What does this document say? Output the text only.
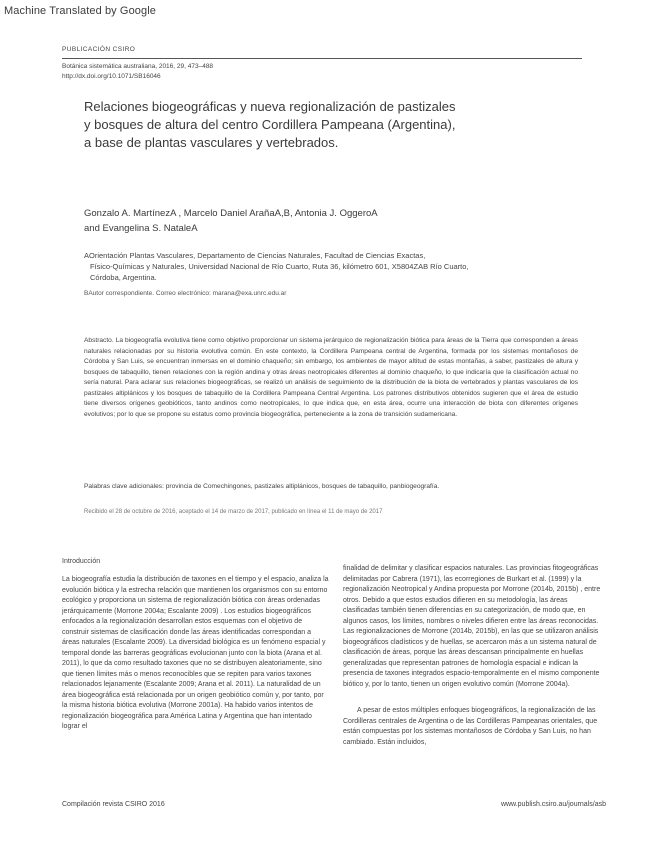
Machine Translated by Google
PUBLICACIÓN CSIRO
Botánica sistemática australiana, 2016, 29, 473–488 http://dx.doi.org/10.1071/SB16046
Relaciones biogeográficas y nueva regionalización de pastizales y bosques de altura del centro Cordillera Pampeana (Argentina), a base de plantas vasculares y vertebrados.
Gonzalo A. MartínezA , Marcelo Daniel ArañaA,B, Antonia J. OggeroA
and Evangelina S. NataleA
AOrientación Plantas Vasculares, Departamento de Ciencias Naturales, Facultad de Ciencias Exactas,
Físico-Químicas y Naturales, Universidad Nacional de Río Cuarto, Ruta 36, kilómetro 601, X5804ZAB Río Cuarto,
Córdoba, Argentina.
BAutor correspondiente. Correo electrónico: marana@exa.unrc.edu.ar
Abstracto. La biogeografía evolutiva tiene como objetivo proporcionar un sistema jerárquico de regionalización biótica para áreas de la Tierra que corresponden a áreas naturales relacionadas por su historia evolutiva común. En este contexto, la Cordillera Pampeana central de Argentina, formada por los sistemas montañosos de Córdoba y San Luis, se encuentran inmersas en el dominio chaqueño; sin embargo, los ambientes de mayor altitud de estas montañas, a saber, pastizales de altura y bosques de tabaquillo, tienen relaciones con la región andina y otras áreas neotropicales diferentes al dominio chaqueño, lo que indicaría que la clasificación actual no sería natural. Para aclarar sus relaciones biogeográficas, se realizó un análisis de seguimiento de la distribución de la biota de vertebrados y plantas vasculares de los pastizales altiplánicos y los bosques de tabaquillo de la Cordillera Pampeana Central Argentina. Los patrones distributivos obtenidos sugieren que el área de estudio tiene diversos orígenes geobióticos, tanto andinos como neotropicales, lo que indica que, en esta área, ocurre una interacción de biota con diferentes orígenes evolutivos; por lo que se propone su estatus como provincia biogeográfica, perteneciente a la zona de transición sudamericana.
Palabras clave adicionales: provincia de Comechingones, pastizales altiplánicos, bosques de tabaquillo, panbiogeografía.
Recibido el 28 de octubre de 2016, aceptado el 14 de marzo de 2017, publicado en línea el 11 de mayo de 2017
Introducción

La biogeografía estudia la distribución de taxones en el tiempo y el espacio, analiza la evolución biótica y la estrecha relación que mantienen los organismos con su entorno ecológico y proporciona un sistema de regionalización biótica con áreas ordenadas jerárquicamente (Morrone 2004a; Escalante 2009) . Los estudios biogeográficos enfocados a la regionalización desarrollan estos esquemas con el objetivo de construir sistemas de clasificación donde las áreas identificadas correspondan a áreas naturales (Escalante 2009). La diversidad biológica es un fenómeno espacial y temporal donde las barreras geográficas evolucionan junto con la biota (Arana et al. 2011), lo que da como resultado taxones que no se distribuyen aleatoriamente, sino que tienen límites más o menos reconocibles que se repiten para varios taxones relacionados lejanamente (Escalante 2009; Arana et al. 2011). La naturalidad de un área biogeográfica está relacionada por un origen geobiótico común y, por tanto, por la misma historia biótica evolutiva (Morrone 2001a). Ha habido varios intentos de regionalización biogeográfica para América Latina y Argentina que han intentado lograr el

finalidad de delimitar y clasificar espacios naturales. Las provincias fitogeográficas delimitadas por Cabrera (1971), las ecorregiones de Burkart et al. (1999) y la regionalización Neotropical y Andina propuesta por Morrone (2014b, 2015b) , entre otros. Debido a que estos estudios difieren en su metodología, las áreas clasificadas también tienen diferencias en su categorización, de modo que, en algunos casos, los límites, nombres o niveles difieren entre las áreas reconocidas. Las regionalizaciones de Morrone (2014b, 2015b), en las que se utilizaron análisis biogeográficos cladísticos y de huellas, se acercaron más a un sistema natural de clasificación de áreas, porque las áreas descansan principalmente en huellas generalizadas que representan patrones de homología espacial e indican la presencia de taxones integrados espacio-temporalmente en el mismo componente biótico y, por lo tanto, tienen un origen evolutivo común (Morrone 2004a).

A pesar de estos múltiples enfoques biogeográficos, la regionalización de las Cordilleras centrales de Argentina o de las Cordilleras Pampeanas orientales, que están compuestas por los sistemas montañosos de Córdoba y San Luis, no han cambiado. Están incluidos,

Compilación revista CSIRO 2016	www.publish.csiro.au/journals/asb
